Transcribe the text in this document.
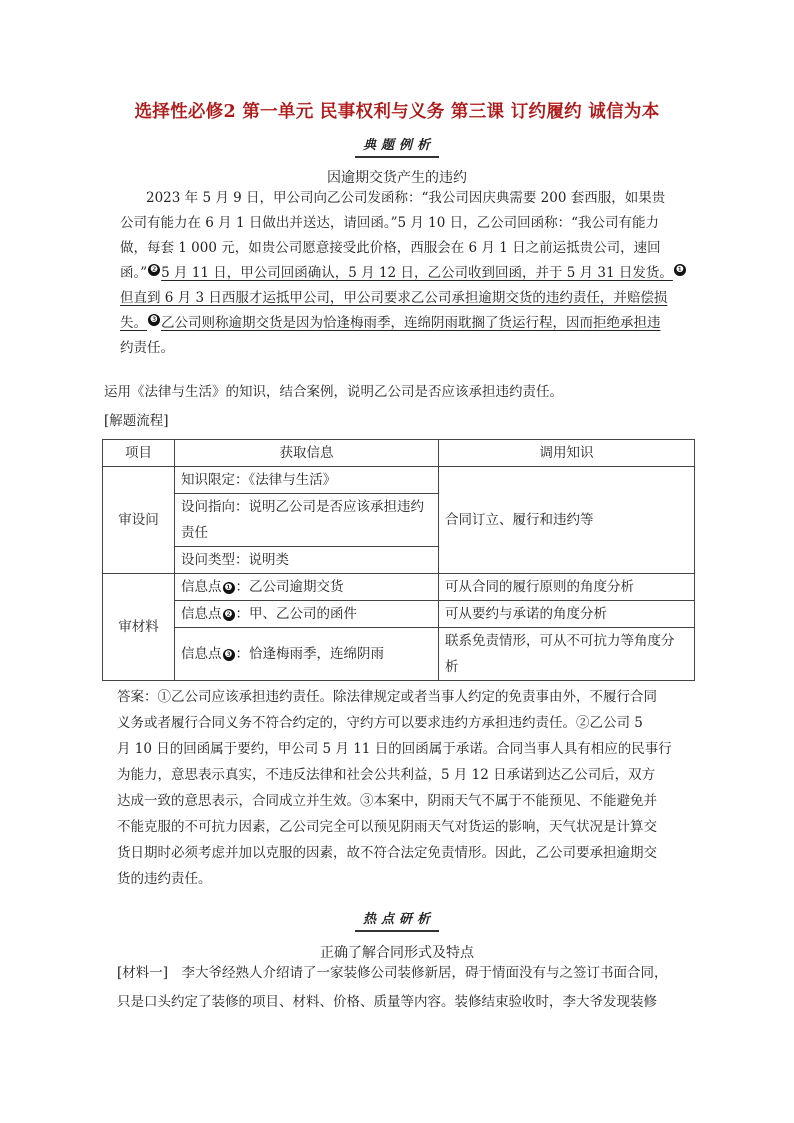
选择性必修2 第一单元 民事权利与义务 第三课 订约履约 诚信为本
典题例析
因逾期交货产生的违约
2023 年 5 月 9 日，甲公司向乙公司发函称：“我公司因庆典需要 200 套西服，如果贵
公司有能力在 6 月 1 日做出并送达，请回函。”5 月 10 日，乙公司回函称：“我公司有能力
做，每套 1 000 元，如贵公司愿意接受此价格，西服会在 6 月 1 日之前运抵贵公司，速回
函。” ❷ 5 月 11 日，甲公司回函确认，5 月 12 日，乙公司收到回函，并于 5 月 31 日发货。 ❶
但直到 6 月 3 日西服才运抵甲公司，甲公司要求乙公司承担逾期交货的违约责任，并赔偿损
失。 ❸ 乙公司则称逾期交货是因为恰逢梅雨季，连绵阴雨耽搁了货运行程，因而拒绝承担违
约责任。
运用《法律与生活》的知识，结合案例，说明乙公司是否应该承担违约责任。
[解题流程]
项目	获取信息	调用知识
审设问	知识限定：《法律与生活》	合同订立、履行和违约等
	设问指向：说明乙公司是否应该承担违约
责任	
	设问类型：说明类	
审材料	信息点 ❶ ：乙公司逾期交货	可从合同的履行原则的角度分析
	信息点 ❷ ：甲、乙公司的函件	可从要约与承诺的角度分析
	信息点 ❸ ：恰逢梅雨季，连绵阴雨	联系免责情形，可从不可抗力等角度分
析
答案：①乙公司应该承担违约责任。除法律规定或者当事人约定的免责事由外，不履行合同
义务或者履行合同义务不符合约定的，守约方可以要求违约方承担违约责任。②乙公司 5
月 10 日的回函属于要约，甲公司 5 月 11 日的回函属于承诺。合同当事人具有相应的民事行
为能力，意思表示真实，不违反法律和社会公共利益，5 月 12 日承诺到达乙公司后，双方
达成一致的意思表示，合同成立并生效。③本案中，阴雨天气不属于不能预见、不能避免并
不能克服的不可抗力因素，乙公司完全可以预见阴雨天气对货运的影响，天气状况是计算交
货日期时必须考虑并加以克服的因素，故不符合法定免责情形。因此，乙公司要承担逾期交
货的违约责任。
热点研析
正确了解合同形式及特点
[材料一]　李大爷经熟人介绍请了一家装修公司装修新居，碍于情面没有与之签订书面合同，
只是口头约定了装修的项目、材料、价格、质量等内容。装修结束验收时，李大爷发现装修
